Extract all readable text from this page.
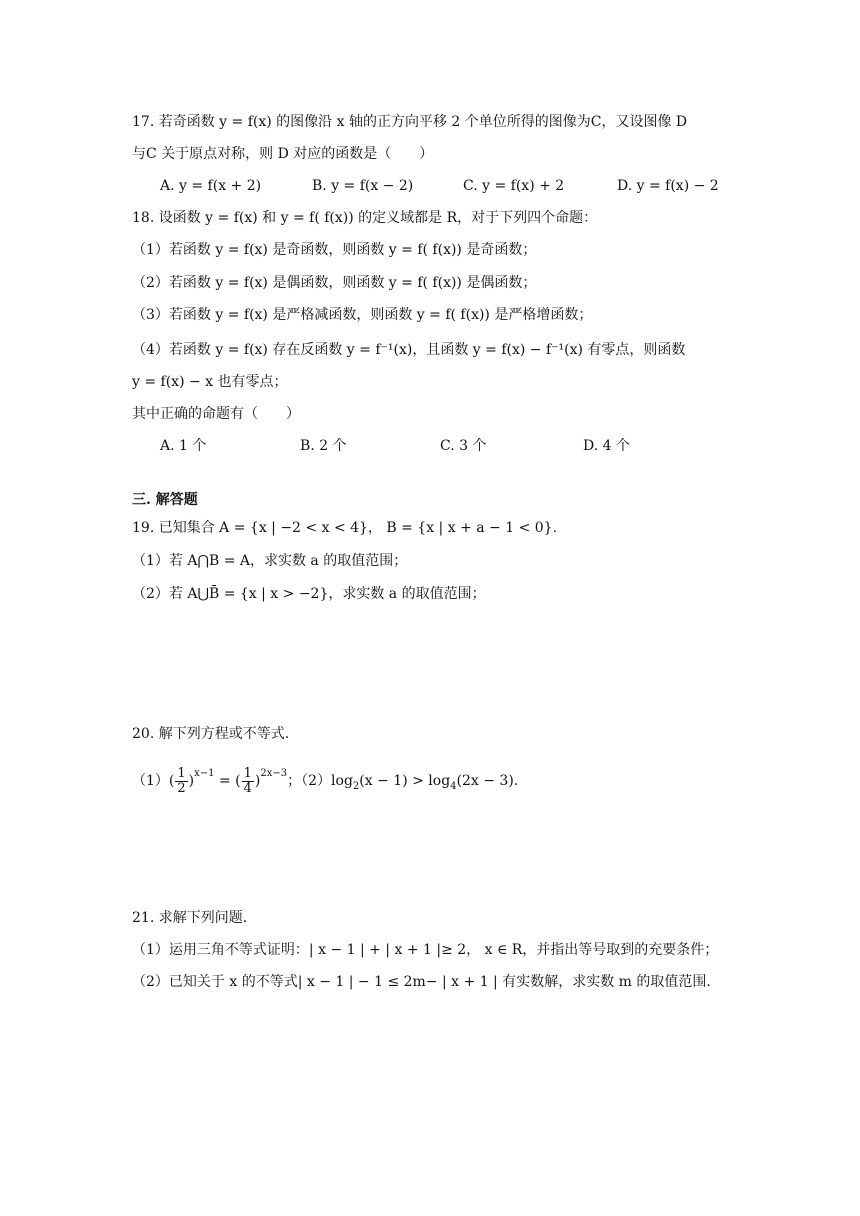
17. 若奇函数 y = f(x) 的图像沿 x 轴的正方向平移 2 个单位所得的图像为C，又设图像 D
与C 关于原点对称，则 D 对应的函数是（　　）
A. y = f(x + 2)	B. y = f(x − 2)	C. y = f(x) + 2	D. y = f(x) − 2
18. 设函数 y = f(x) 和 y = f( f(x)) 的定义域都是 R，对于下列四个命题：
（1）若函数 y = f(x) 是奇函数，则函数 y = f( f(x)) 是奇函数；
（2）若函数 y = f(x) 是偶函数，则函数 y = f( f(x)) 是偶函数；
（3）若函数 y = f(x) 是严格减函数，则函数 y = f( f(x)) 是严格增函数；
（4）若函数 y = f(x) 存在反函数 y = f⁻¹(x)，且函数 y = f(x) − f⁻¹(x) 有零点，则函数
y = f(x) − x 也有零点；
其中正确的命题有（　　）
A. 1 个	B. 2 个	C. 3 个	D. 4 个
三. 解答题
19. 已知集合 A = {x | −2 < x < 4}， B = {x | x + a − 1 < 0}.
（1）若 A⋂B = A，求实数 a 的取值范围；
（2）若 A⋃B̄ = {x | x > −2}，求实数 a 的取值范围；
20. 解下列方程或不等式.
$(1)( \frac{1}{2} )^{x-1}$ = ( $\frac{1}{4} )^{2x-3}$；$(2)\log_2(x - 1) > \log_4(2x - 3)$.
21. 求解下列问题.
（1）运用三角不等式证明：| x − 1 | + | x + 1 |≥ 2， x ∈ R，并指出等号取到的充要条件；
（2）已知关于 x 的不等式| x − 1 | − 1 ≤ 2m− | x + 1 | 有实数解，求实数 m 的取值范围.
